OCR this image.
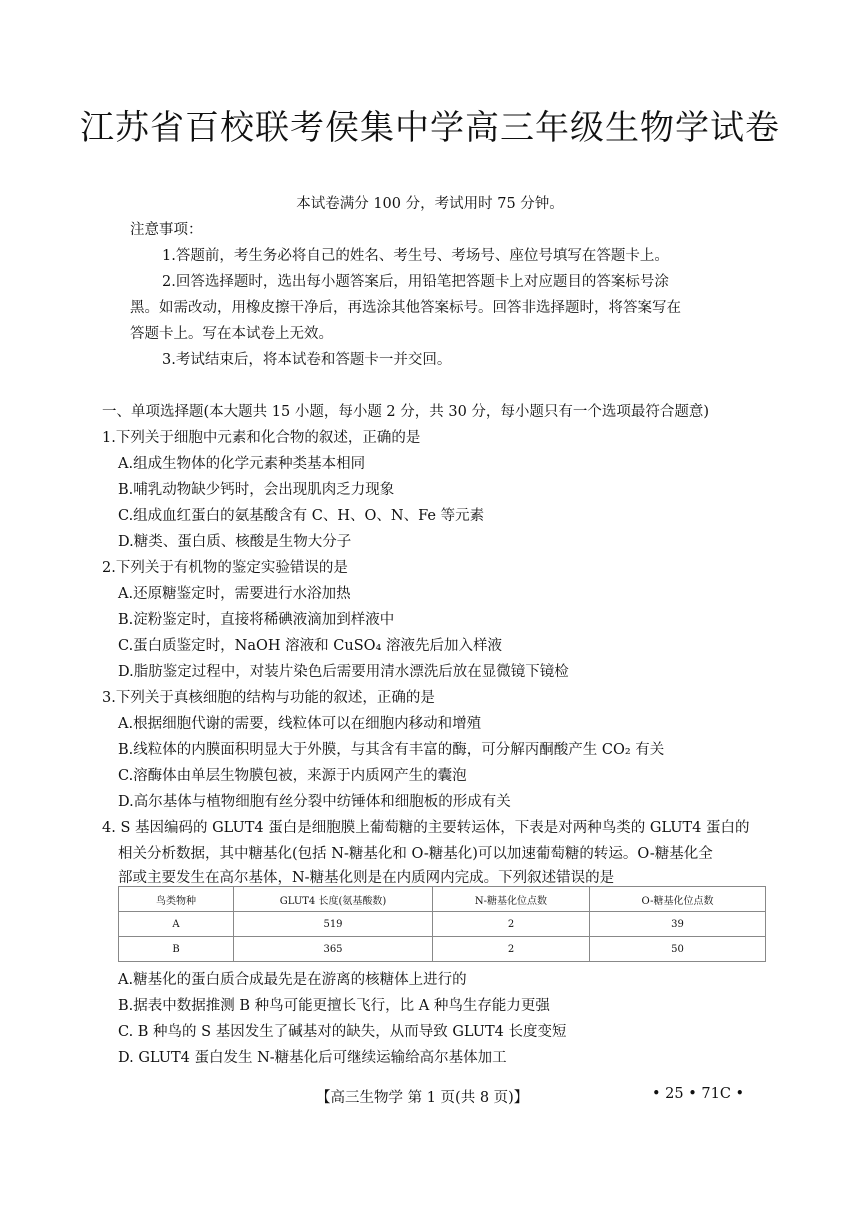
江苏省百校联考侯集中学高三年级生物学试卷
本试卷满分 100 分，考试用时 75 分钟。
注意事项：
1.答题前，考生务必将自己的姓名、考生号、考场号、座位号填写在答题卡上。
2.回答选择题时，选出每小题答案后，用铅笔把答题卡上对应题目的答案标号涂
黑。如需改动，用橡皮擦干净后，再选涂其他答案标号。回答非选择题时，将答案写在
答题卡上。写在本试卷上无效。
3.考试结束后，将本试卷和答题卡一并交回。
一、单项选择题(本大题共 15 小题，每小题 2 分，共 30 分，每小题只有一个选项最符合题意)
1.下列关于细胞中元素和化合物的叙述，正确的是
A.组成生物体的化学元素种类基本相同
B.哺乳动物缺少钙时，会出现肌肉乏力现象
C.组成血红蛋白的氨基酸含有 C、H、O、N、Fe 等元素
D.糖类、蛋白质、核酸是生物大分子
2.下列关于有机物的鉴定实验错误的是
A.还原糖鉴定时，需要进行水浴加热
B.淀粉鉴定时，直接将稀碘液滴加到样液中
C.蛋白质鉴定时，NaOH 溶液和 CuSO₄ 溶液先后加入样液
D.脂肪鉴定过程中，对装片染色后需要用清水漂洗后放在显微镜下镜检
3.下列关于真核细胞的结构与功能的叙述，正确的是
A.根据细胞代谢的需要，线粒体可以在细胞内移动和增殖
B.线粒体的内膜面积明显大于外膜，与其含有丰富的酶，可分解丙酮酸产生 CO₂ 有关
C.溶酶体由单层生物膜包被，来源于内质网产生的囊泡
D.高尔基体与植物细胞有丝分裂中纺锤体和细胞板的形成有关
4. S 基因编码的 GLUT4 蛋白是细胞膜上葡萄糖的主要转运体，下表是对两种鸟类的 GLUT4 蛋白的
相关分析数据，其中糖基化(包括 N-糖基化和 O-糖基化)可以加速葡萄糖的转运。O-糖基化全
部或主要发生在高尔基体，N-糖基化则是在内质网内完成。下列叙述错误的是
鸟类物种	GLUT4 长度(氨基酸数)	N-糖基化位点数	O-糖基化位点数
A	519	2	39
B	365	2	50
A.糖基化的蛋白质合成最先是在游离的核糖体上进行的
B.据表中数据推测 B 种鸟可能更擅长飞行，比 A 种鸟生存能力更强
C. B 种鸟的 S 基因发生了碱基对的缺失，从而导致 GLUT4 长度变短
D. GLUT4 蛋白发生 N-糖基化后可继续运输给高尔基体加工
【高三生物学 第 1 页(共 8 页)】	• 25 • 71C •
